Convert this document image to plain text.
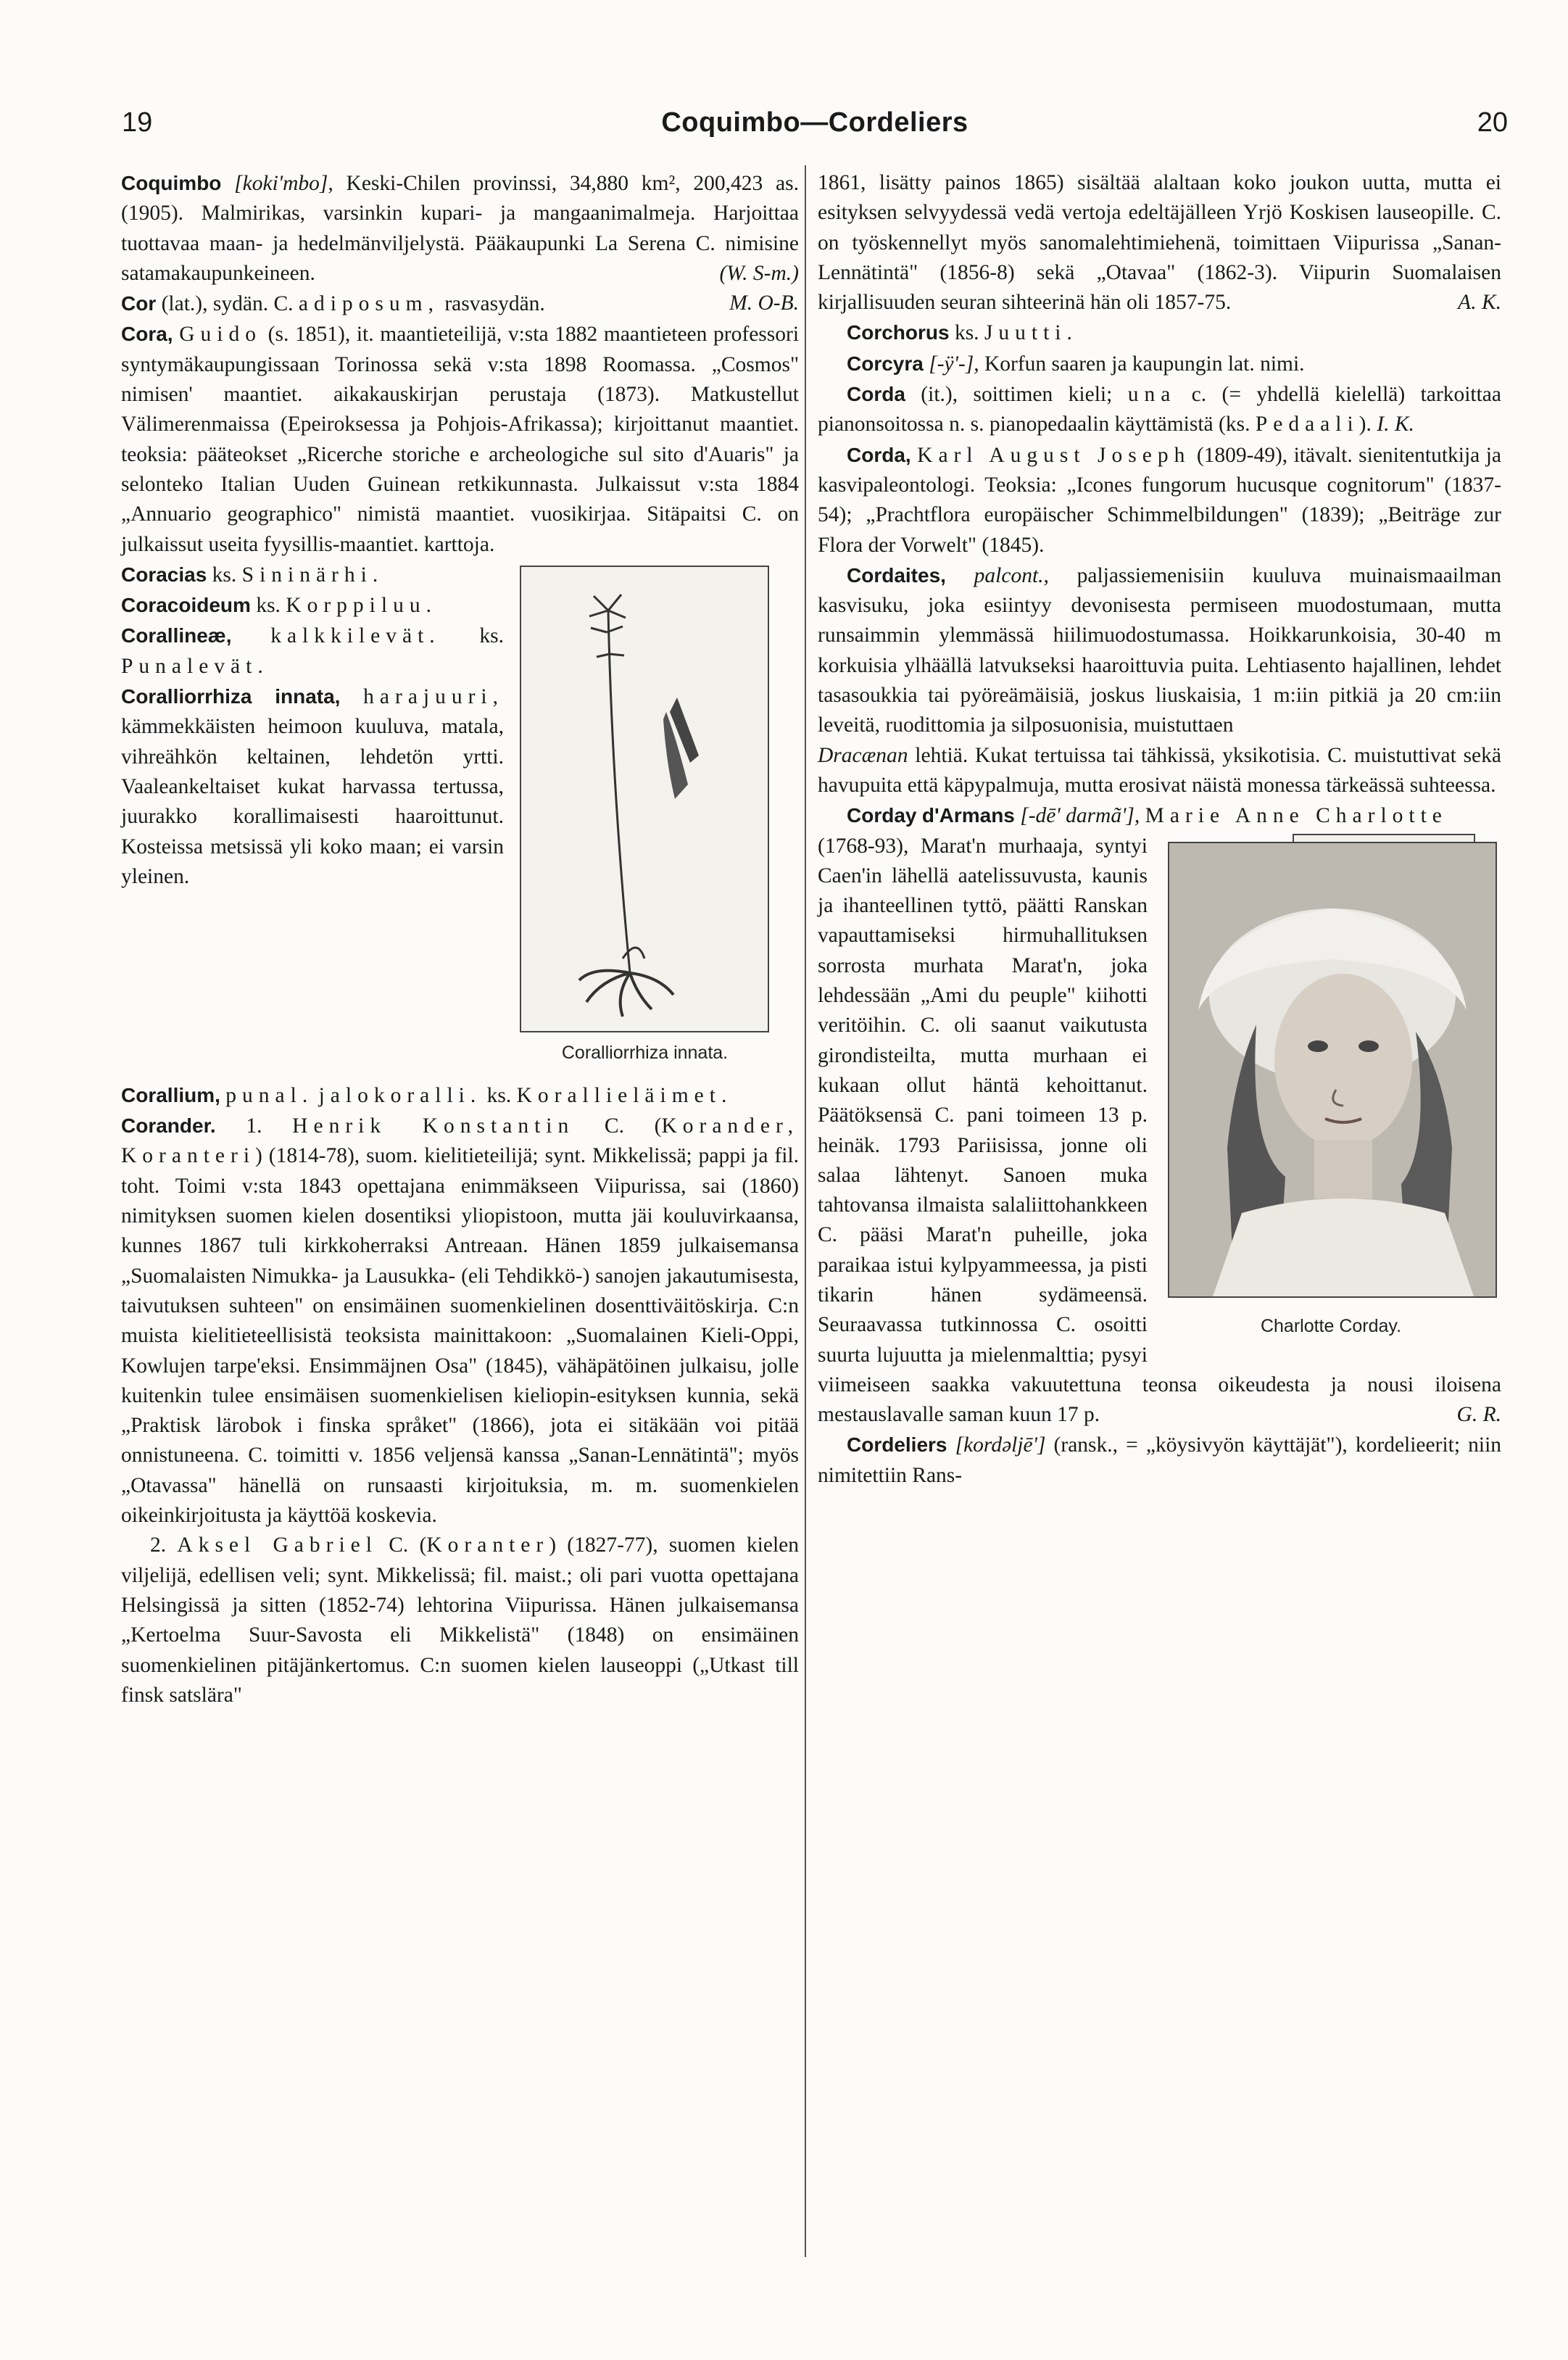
19	Coquimbo—Cordeliers	20

Coquimbo [koki'mbo], Keski-Chilen provinssi, 34,880 km², 200,423 as. (1905). Malmirikas, varsinkin kupari- ja mangaanimalmeja. Harjoittaa tuottavaa maan- ja hedelmänviljelystä. Pääkaupunki La Serena C. nimisine satamakaupunkeineen.	(W. S-m.)

Cor (lat.), sydän. C. adiposum, rasvasydän.	M. O-B.

Cora, Guido (s. 1851), it. maantieteilijä, v:sta 1882 maantieteen professori syntymäkaupungissaan Torinossa sekä v:sta 1898 Roomassa. „Cosmos" nimisen' maantiet. aikakauskirjan perustaja (1873). Matkustellut Välimerenmaissa (Epeiroksessa ja Pohjois-Afrikassa); kirjoittanut maantiet. teoksia: pääteokset „Ricerche storiche e archeologiche sul sito d'Auaris" ja selonteko Italian Uuden Guinean retkikunnasta. Julkaissut v:sta 1884 „Annuario geographico" nimistä maantiet. vuosikirjaa. Sitäpaitsi C. on julkaissut useita fyysillis-maantiet. karttoja.

Coralliorrhiza innata.

Coracias ks. Sininärhi.

Coracoideum ks. Korppiluu.

Corallineæ, kalkkilevät. ks. Punalevät.

Coralliorrhiza innata, harajuuri, kämmekkäisten heimoon kuuluva, matala, vihreähkön keltainen, lehdetön yrtti. Vaaleankeltaiset kukat harvassa tertussa, juurakko korallimaisesti haaroittunut. Kosteissa metsissä yli koko maan; ei varsin yleinen.

Corallium, punal. jalokoralli. ks. Korallieläimet.

Corander. 1. Henrik Konstantin C. (Korander, Koranteri) (1814-78), suom. kielitieteilijä; synt. Mikkelissä; pappi ja fil. toht. Toimi v:sta 1843 opettajana enimmäkseen Viipurissa, sai (1860) nimityksen suomen kielen dosentiksi yliopistoon, mutta jäi kouluvirkaansa, kunnes 1867 tuli kirkkoherraksi Antreaan. Hänen 1859 julkaisemansa „Suomalaisten Nimukka- ja Lausukka- (eli Tehdikkö-) sanojen jakautumisesta, taivutuksen suhteen" on ensimäinen suomenkielinen dosenttiväitöskirja. C:n muista kielitieteellisistä teoksista mainittakoon: „Suomalainen Kieli-Oppi, Kowlujen tarpe'eksi. Ensimmäjnen Osa" (1845), vähäpätöinen julkaisu, jolle kuitenkin tulee ensimäisen suomenkielisen kieliopin-esityksen kunnia, sekä „Praktisk lärobok i finska språket" (1866), jota ei sitäkään voi pitää onnistuneena. C. toimitti v. 1856 veljensä kanssa „Sanan-Lennätintä"; myös „Otavassa" hänellä on runsaasti kirjoituksia, m. m. suomenkielen oikeinkirjoitusta ja käyttöä koskevia.

2. Aksel Gabriel C. (Koranter) (1827-77), suomen kielen viljelijä, edellisen veli; synt. Mikkelissä; fil. maist.; oli pari vuotta opettajana Helsingissä ja sitten (1852-74) lehtorina Viipurissa. Hänen julkaisemansa „Kertoelma Suur-Savosta eli Mikkelistä" (1848) on ensimäinen suomenkielinen pitäjänkertomus. C:n suomen kielen lauseoppi („Utkast till finsk satslära"

1861, lisätty painos 1865) sisältää alaltaan koko joukon uutta, mutta ei esityksen selvyydessä vedä vertoja edeltäjälleen Yrjö Koskisen lauseopille. C. on työskennellyt myös sanomalehtimiehenä, toimittaen Viipurissa „Sanan-Lennätintä" (1856-8) sekä „Otavaa" (1862-3). Viipurin Suomalaisen kirjallisuuden seuran sihteerinä hän oli 1857-75.	A. K.

Corchorus ks. Juutti.

Corcyra [-ÿ'-], Korfun saaren ja kaupungin lat. nimi.

Corda (it.), soittimen kieli; una c. (= yhdellä kielellä) tarkoittaa pianonsoitossa n. s. pianopedaalin käyttämistä (ks. Pedaali). I. K.

Corda, Karl August Joseph (1809-49), itävalt. sienitentutkija ja kasvipaleontologi. Teoksia: „Icones fungorum hucusque cognitorum" (1837-54); „Prachtflora europäischer Schimmelbildungen" (1839); „Beiträge zur Flora der Vorwelt" (1845).

Cordaites, palcont., paljassiemenisiin kuuluva muinaismaailman kasvisuku, joka esiintyy devonisesta permiseen muodostumaan, mutta runsaimmin ylemmässä hiilimuodostumassa. Hoikkarunkoisia, 30-40 m korkuisia ylhäällä latvukseksi haaroittuvia puita. Lehtiasento hajallinen, lehdet tasasoukkia tai pyöreämäisiä, joskus liuskaisia, 1 m:iin pitkiä ja 20 cm:iin leveitä, ruodittomia ja silposuonisia, muistuttaen

Dracænan lehtiä. Kukat tertuissa tai tähkissä, yksikotisia. C. muistuttivat sekä havupuita että käpypalmuja, mutta erosivat näistä monessa tärkeässä suhteessa.

Corday d'Armans [-dē' darmã'], Marie Anne Charlotte

Charlotte Corday.

(1768-93), Marat'n murhaaja, syntyi Caen'in lähellä aatelissuvusta, kaunis ja ihanteellinen tyttö, päätti Ranskan vapauttamiseksi hirmuhallituksen sorrosta murhata Marat'n, joka lehdessään „Ami du peuple" kiihotti veritöihin. C. oli saanut vaikutusta girondisteilta, mutta murhaan ei kukaan ollut häntä kehoittanut. Päätöksensä C. pani toimeen 13 p. heinäk. 1793 Pariisissa, jonne oli salaa lähtenyt. Sanoen muka tahtovansa ilmaista salaliittohankkeen C. pääsi Marat'n puheille, joka paraikaa istui kylpyammeessa, ja pisti tikarin hänen sydämeensä. Seuraavassa tutkinnossa C. osoitti suurta lujuutta ja mielenmalttia; pysyi viimeiseen saakka vakuutettuna teonsa oikeudesta ja nousi iloisena mestauslavalle saman kuun 17 p.	G. R.

Cordeliers [kordəljē'] (ransk., = „köysivyön käyttäjät"), kordelieerit; niin nimitettiin Rans-
